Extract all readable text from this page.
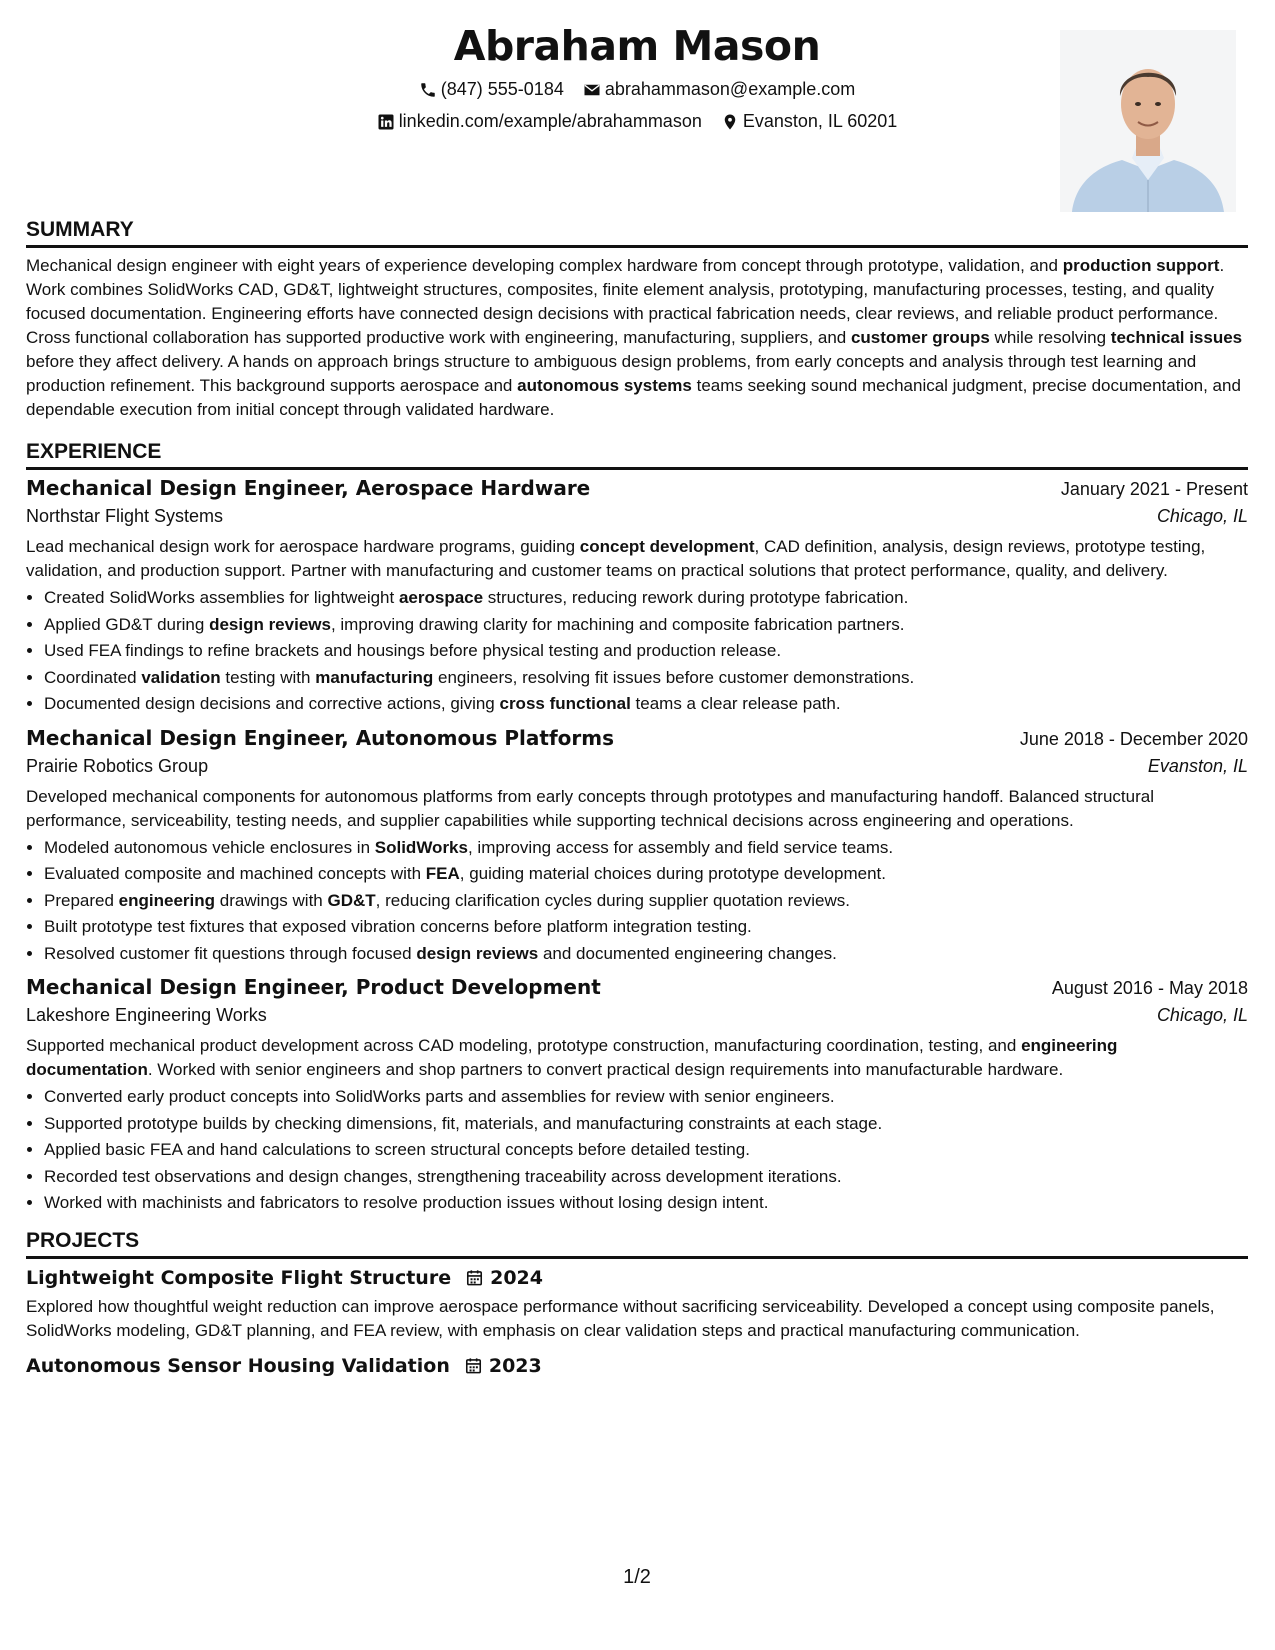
Abraham Mason
(847) 555-0184
abrahammason@example.com
linkedin.com/example/abrahammason
Evanston, IL 60201
SUMMARY

Mechanical design engineer with eight years of experience developing complex hardware from concept through prototype, validation, and production support. Work combines SolidWorks CAD, GD&T, lightweight structures, composites, finite element analysis, prototyping, manufacturing processes, testing, and quality focused documentation. Engineering efforts have connected design decisions with practical fabrication needs, clear reviews, and reliable product performance. Cross functional collaboration has supported productive work with engineering, manufacturing, suppliers, and customer groups while resolving technical issues before they affect delivery. A hands on approach brings structure to ambiguous design problems, from early concepts and analysis through test learning and production refinement. This background supports aerospace and autonomous systems teams seeking sound mechanical judgment, precise documentation, and dependable execution from initial concept through validated hardware.

EXPERIENCE
Mechanical Design Engineer, Aerospace Hardware	January 2021 - Present
Northstar Flight Systems	Chicago, IL

Lead mechanical design work for aerospace hardware programs, guiding concept development, CAD definition, analysis, design reviews, prototype testing, validation, and production support. Partner with manufacturing and customer teams on practical solutions that protect performance, quality, and delivery.

• Created SolidWorks assemblies for lightweight aerospace structures, reducing rework during prototype fabrication.
• Applied GD&T during design reviews, improving drawing clarity for machining and composite fabrication partners.
• Used FEA findings to refine brackets and housings before physical testing and production release.
• Coordinated validation testing with manufacturing engineers, resolving fit issues before customer demonstrations.
• Documented design decisions and corrective actions, giving cross functional teams a clear release path.
Mechanical Design Engineer, Autonomous Platforms	June 2018 - December 2020
Prairie Robotics Group	Evanston, IL

Developed mechanical components for autonomous platforms from early concepts through prototypes and manufacturing handoff. Balanced structural performance, serviceability, testing needs, and supplier capabilities while supporting technical decisions across engineering and operations.

• Modeled autonomous vehicle enclosures in SolidWorks, improving access for assembly and field service teams.
• Evaluated composite and machined concepts with FEA, guiding material choices during prototype development.
• Prepared engineering drawings with GD&T, reducing clarification cycles during supplier quotation reviews.
• Built prototype test fixtures that exposed vibration concerns before platform integration testing.
• Resolved customer fit questions through focused design reviews and documented engineering changes.
Mechanical Design Engineer, Product Development	August 2016 - May 2018
Lakeshore Engineering Works	Chicago, IL

Supported mechanical product development across CAD modeling, prototype construction, manufacturing coordination, testing, and engineering documentation. Worked with senior engineers and shop partners to convert practical design requirements into manufacturable hardware.

• Converted early product concepts into SolidWorks parts and assemblies for review with senior engineers.
• Supported prototype builds by checking dimensions, fit, materials, and manufacturing constraints at each stage.
• Applied basic FEA and hand calculations to screen structural concepts before detailed testing.
• Recorded test observations and design changes, strengthening traceability across development iterations.
• Worked with machinists and fabricators to resolve production issues without losing design intent.
PROJECTS
Lightweight Composite Flight Structure 2024

Explored how thoughtful weight reduction can improve aerospace performance without sacrificing serviceability. Developed a concept using composite panels, SolidWorks modeling, GD&T planning, and FEA review, with emphasis on clear validation steps and practical manufacturing communication.

Autonomous Sensor Housing Validation 2023
1/2
